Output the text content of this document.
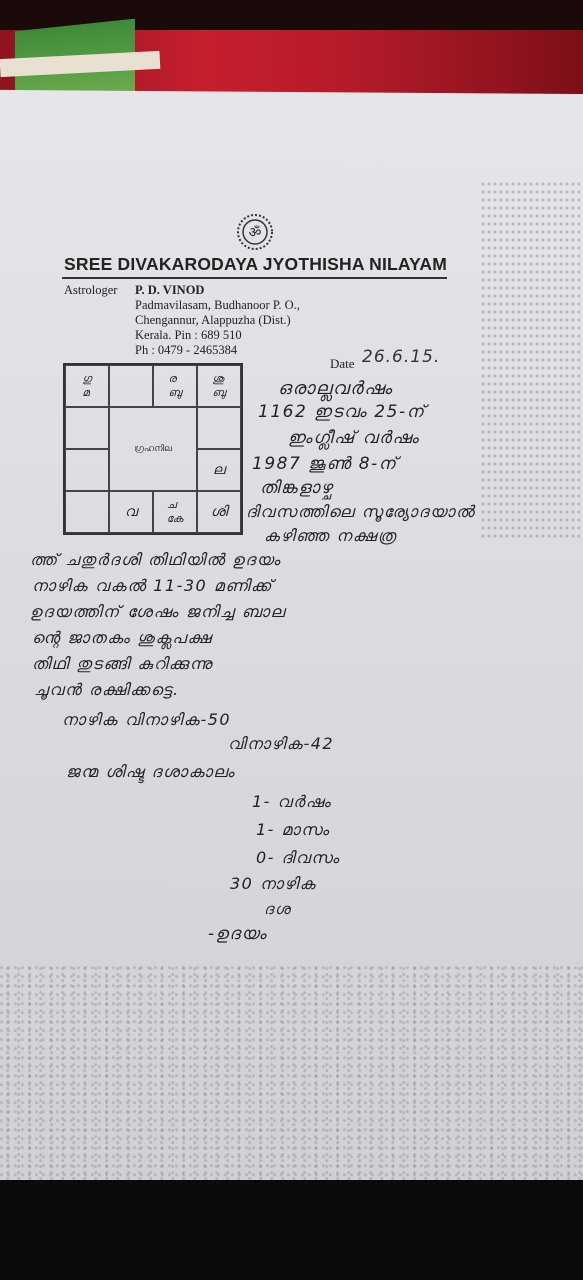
ॐ
SREE DIVAKARODAYA JYOTHISHA NILAYAM
Astrologer P. D. VINOD
Padmavilasam, Budhanoor P. O.,
Chengannur, Alappuzha (Dist.)
Kerala. Pin : 689 510
Ph : 0479 - 2465384
Date 26.6.15.
ഗു
മ
ര
ബു
ശു
ബു
ഗ്രഹനില
ല
വ	ച
കേ	ശി
ഒരാല്ലവർഷം
1162 ഇടവം 25-ന്
ഇംഗ്ലീഷ്‌ വർഷം
1987 ജൂൺ 8-ന്
തിങ്കളാഴ്ച
ദിവസത്തിലെ സൂര്യോദയാൽ
കഴിഞ്ഞ നക്ഷത്ര
ത്ത് ചതുർദശി തിഥിയിൽ ഉദയം
നാഴിക വകൽ 11-30 മണിക്ക്
ഉദയത്തിന്‌ ശേഷം ജനിച്ച ബാല
ന്റെ ജാതകം ശുക്ലപക്ഷ
തിഥി തുടങ്ങി കുറിക്കുന്നു
ചൂവൻ രക്ഷിക്കട്ടെ.
നാഴിക വിനാഴിക-50
വിനാഴിക-42
ജന്മ ശിഷ്ട ദശാകാലം
1- വർഷം
1- മാസം
0- ദിവസം
30 നാഴിക
ദശ
-ഉദയം
